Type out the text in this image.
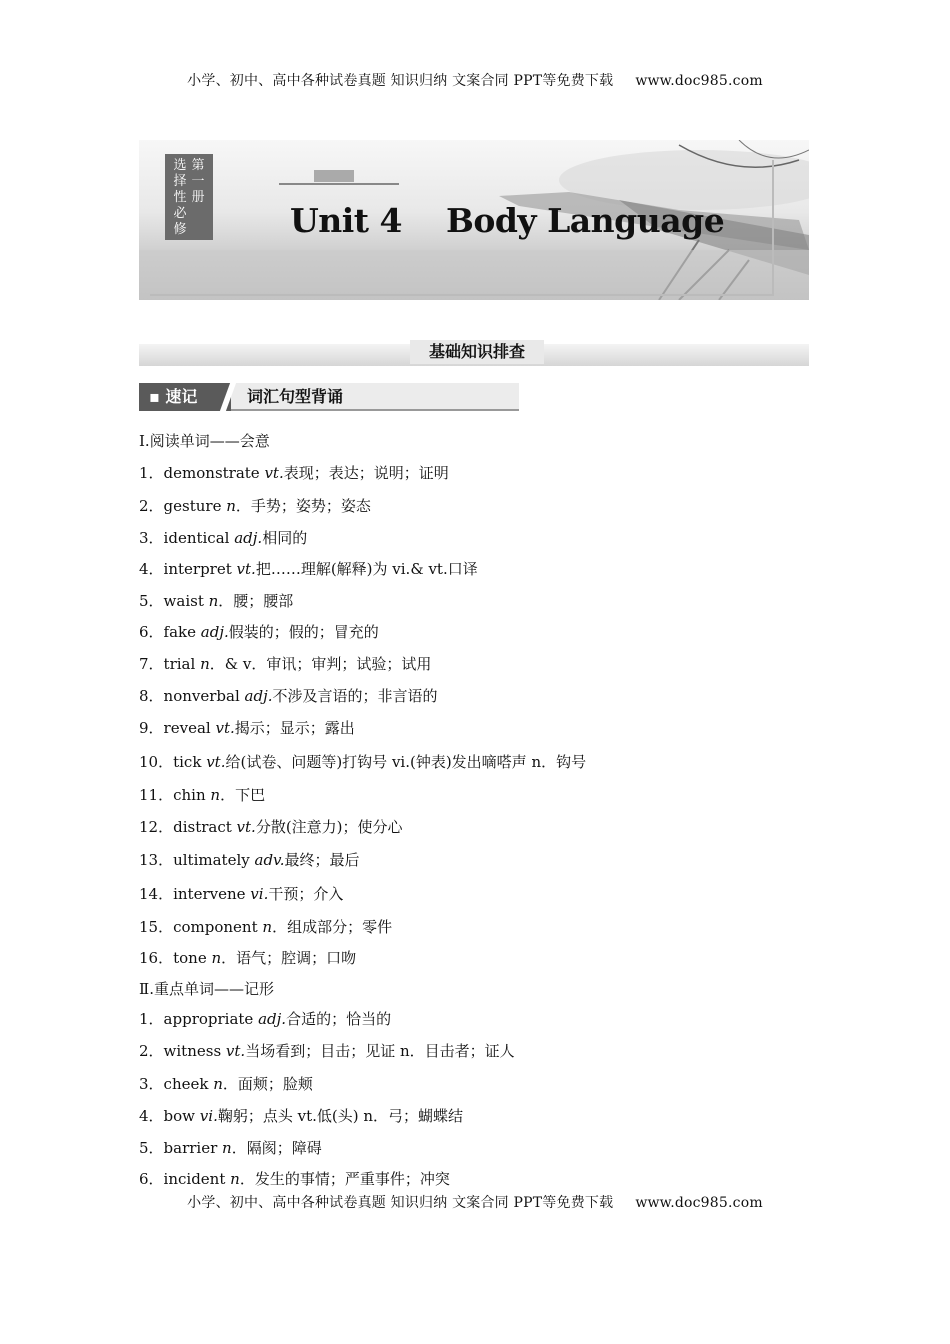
小学、初中、高中各种试卷真题 知识归纳 文案合同 PPT等免费下载 www.doc985.com
选择性必修
第一册
Unit 4    Body Language
基础知识排查
词汇句型背诵
▪ 速记
Ⅰ.阅读单词——会意
1．demonstrate vt.表现；表达；说明；证明
2．gesture n．手势；姿势；姿态
3．identical adj.相同的
4．interpret vt.把……理解(解释)为 vi.& vt.口译
5．waist n．腰；腰部
6．fake adj.假装的；假的；冒充的
7．trial n．& v．审讯；审判；试验；试用
8．nonverbal adj.不涉及言语的；非言语的
9．reveal vt.揭示；显示；露出
10．tick vt.给(试卷、问题等)打钩号 vi.(钟表)发出嘀嗒声 n．钩号
11．chin n．下巴
12．distract vt.分散(注意力)；使分心
13．ultimately adv.最终；最后
14．intervene vi.干预；介入
15．component n．组成部分；零件
16．tone n．语气；腔调；口吻
Ⅱ.重点单词——记形
1．appropriate adj.合适的；恰当的
2．witness vt.当场看到；目击；见证 n．目击者；证人
3．cheek n．面颊；脸颊
4．bow vi.鞠躬；点头 vt.低(头) n．弓；蝴蝶结
5．barrier n．隔阂；障碍
6．incident n．发生的事情；严重事件；冲突
小学、初中、高中各种试卷真题 知识归纳 文案合同 PPT等免费下载 www.doc985.com
